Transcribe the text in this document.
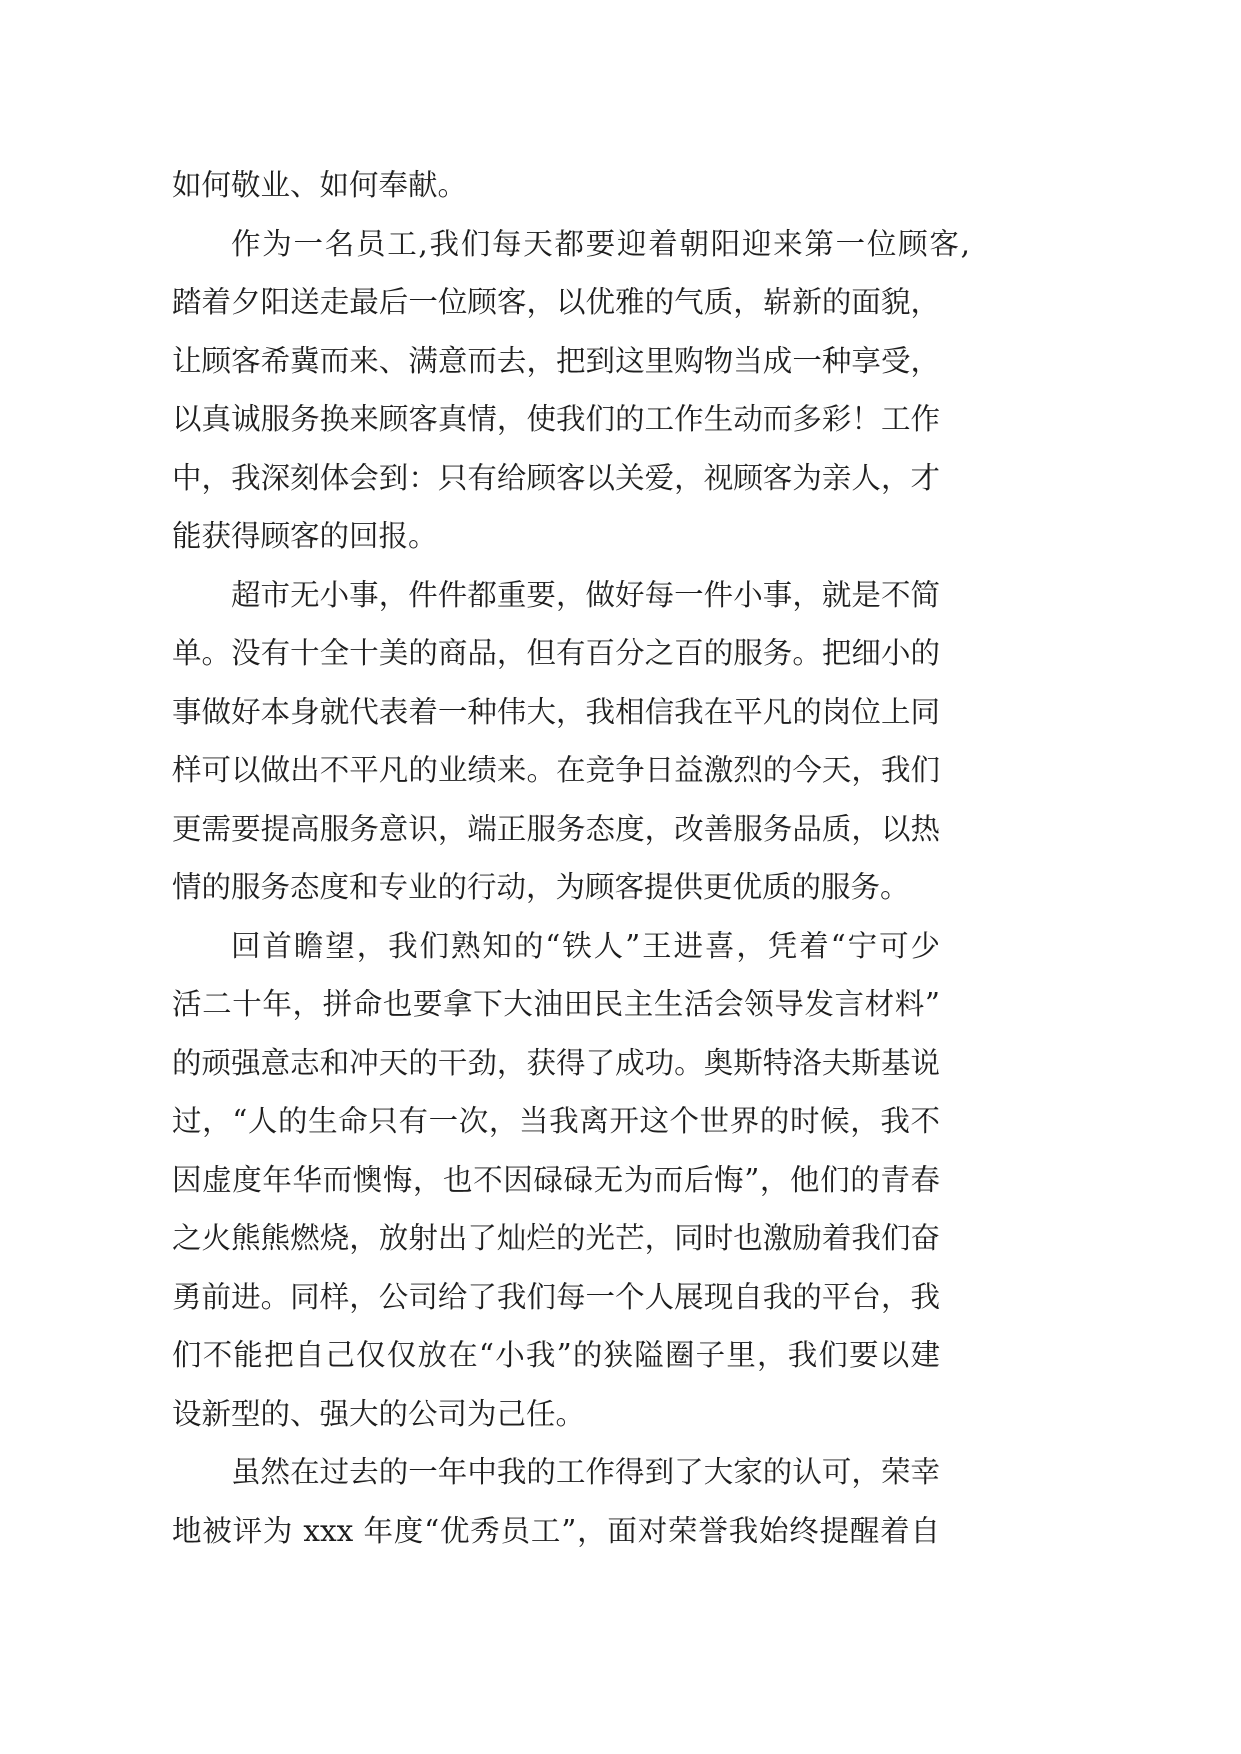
如何敬业、如何奉献。
作为一名员工,我们每天都要迎着朝阳迎来第一位顾客,
踏着夕阳送走最后一位顾客，以优雅的气质，崭新的面貌，
让顾客希冀而来、满意而去，把到这里购物当成一种享受，
以真诚服务换来顾客真情，使我们的工作生动而多彩！工作
中，我深刻体会到：只有给顾客以关爱，视顾客为亲人，才
能获得顾客的回报。
超市无小事，件件都重要，做好每一件小事，就是不简
单。没有十全十美的商品，但有百分之百的服务。把细小的
事做好本身就代表着一种伟大，我相信我在平凡的岗位上同
样可以做出不平凡的业绩来。在竞争日益激烈的今天，我们
更需要提高服务意识，端正服务态度，改善服务品质，以热
情的服务态度和专业的行动，为顾客提供更优质的服务。
回首瞻望，我们熟知的“铁人”王进喜，凭着“宁可少
活二十年，拼命也要拿下大油田民主生活会领导发言材料”
的顽强意志和冲天的干劲，获得了成功。奥斯特洛夫斯基说
过，“人的生命只有一次，当我离开这个世界的时候，我不
因虚度年华而懊悔，也不因碌碌无为而后悔”，他们的青春
之火熊熊燃烧，放射出了灿烂的光芒，同时也激励着我们奋
勇前进。同样，公司给了我们每一个人展现自我的平台，我
们不能把自己仅仅放在“小我”的狭隘圈子里，我们要以建
设新型的、强大的公司为己任。
虽然在过去的一年中我的工作得到了大家的认可，荣幸
地被评为 xxx 年度“优秀员工”，面对荣誉我始终提醒着自
